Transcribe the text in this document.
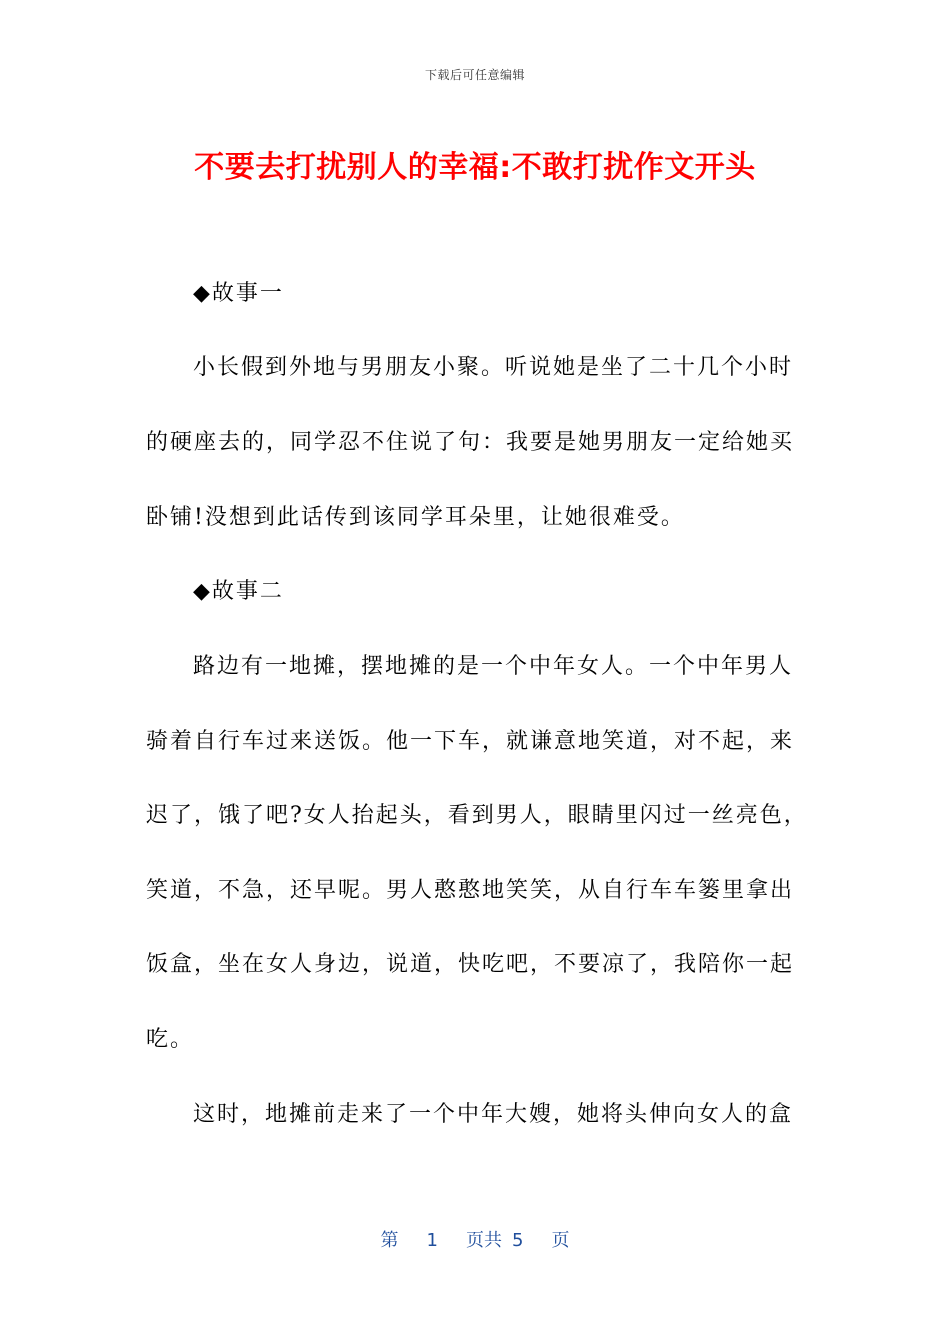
下载后可任意编辑
不要去打扰别人的幸福:不敢打扰作文开头
◆故事一
小长假到外地与男朋友小聚。听说她是坐了二十几个小时
的硬座去的，同学忍不住说了句：我要是她男朋友一定给她买
卧铺!没想到此话传到该同学耳朵里，让她很难受。
◆故事二
路边有一地摊，摆地摊的是一个中年女人。一个中年男人
骑着自行车过来送饭。他一下车，就谦意地笑道，对不起，来
迟了，饿了吧?女人抬起头，看到男人，眼睛里闪过一丝亮色，
笑道，不急，还早呢。男人憨憨地笑笑，从自行车车篓里拿出
饭盒，坐在女人身边，说道，快吃吧，不要凉了，我陪你一起
吃。
这时，地摊前走来了一个中年大嫂，她将头伸向女人的盒
第 1 页共 5 页
